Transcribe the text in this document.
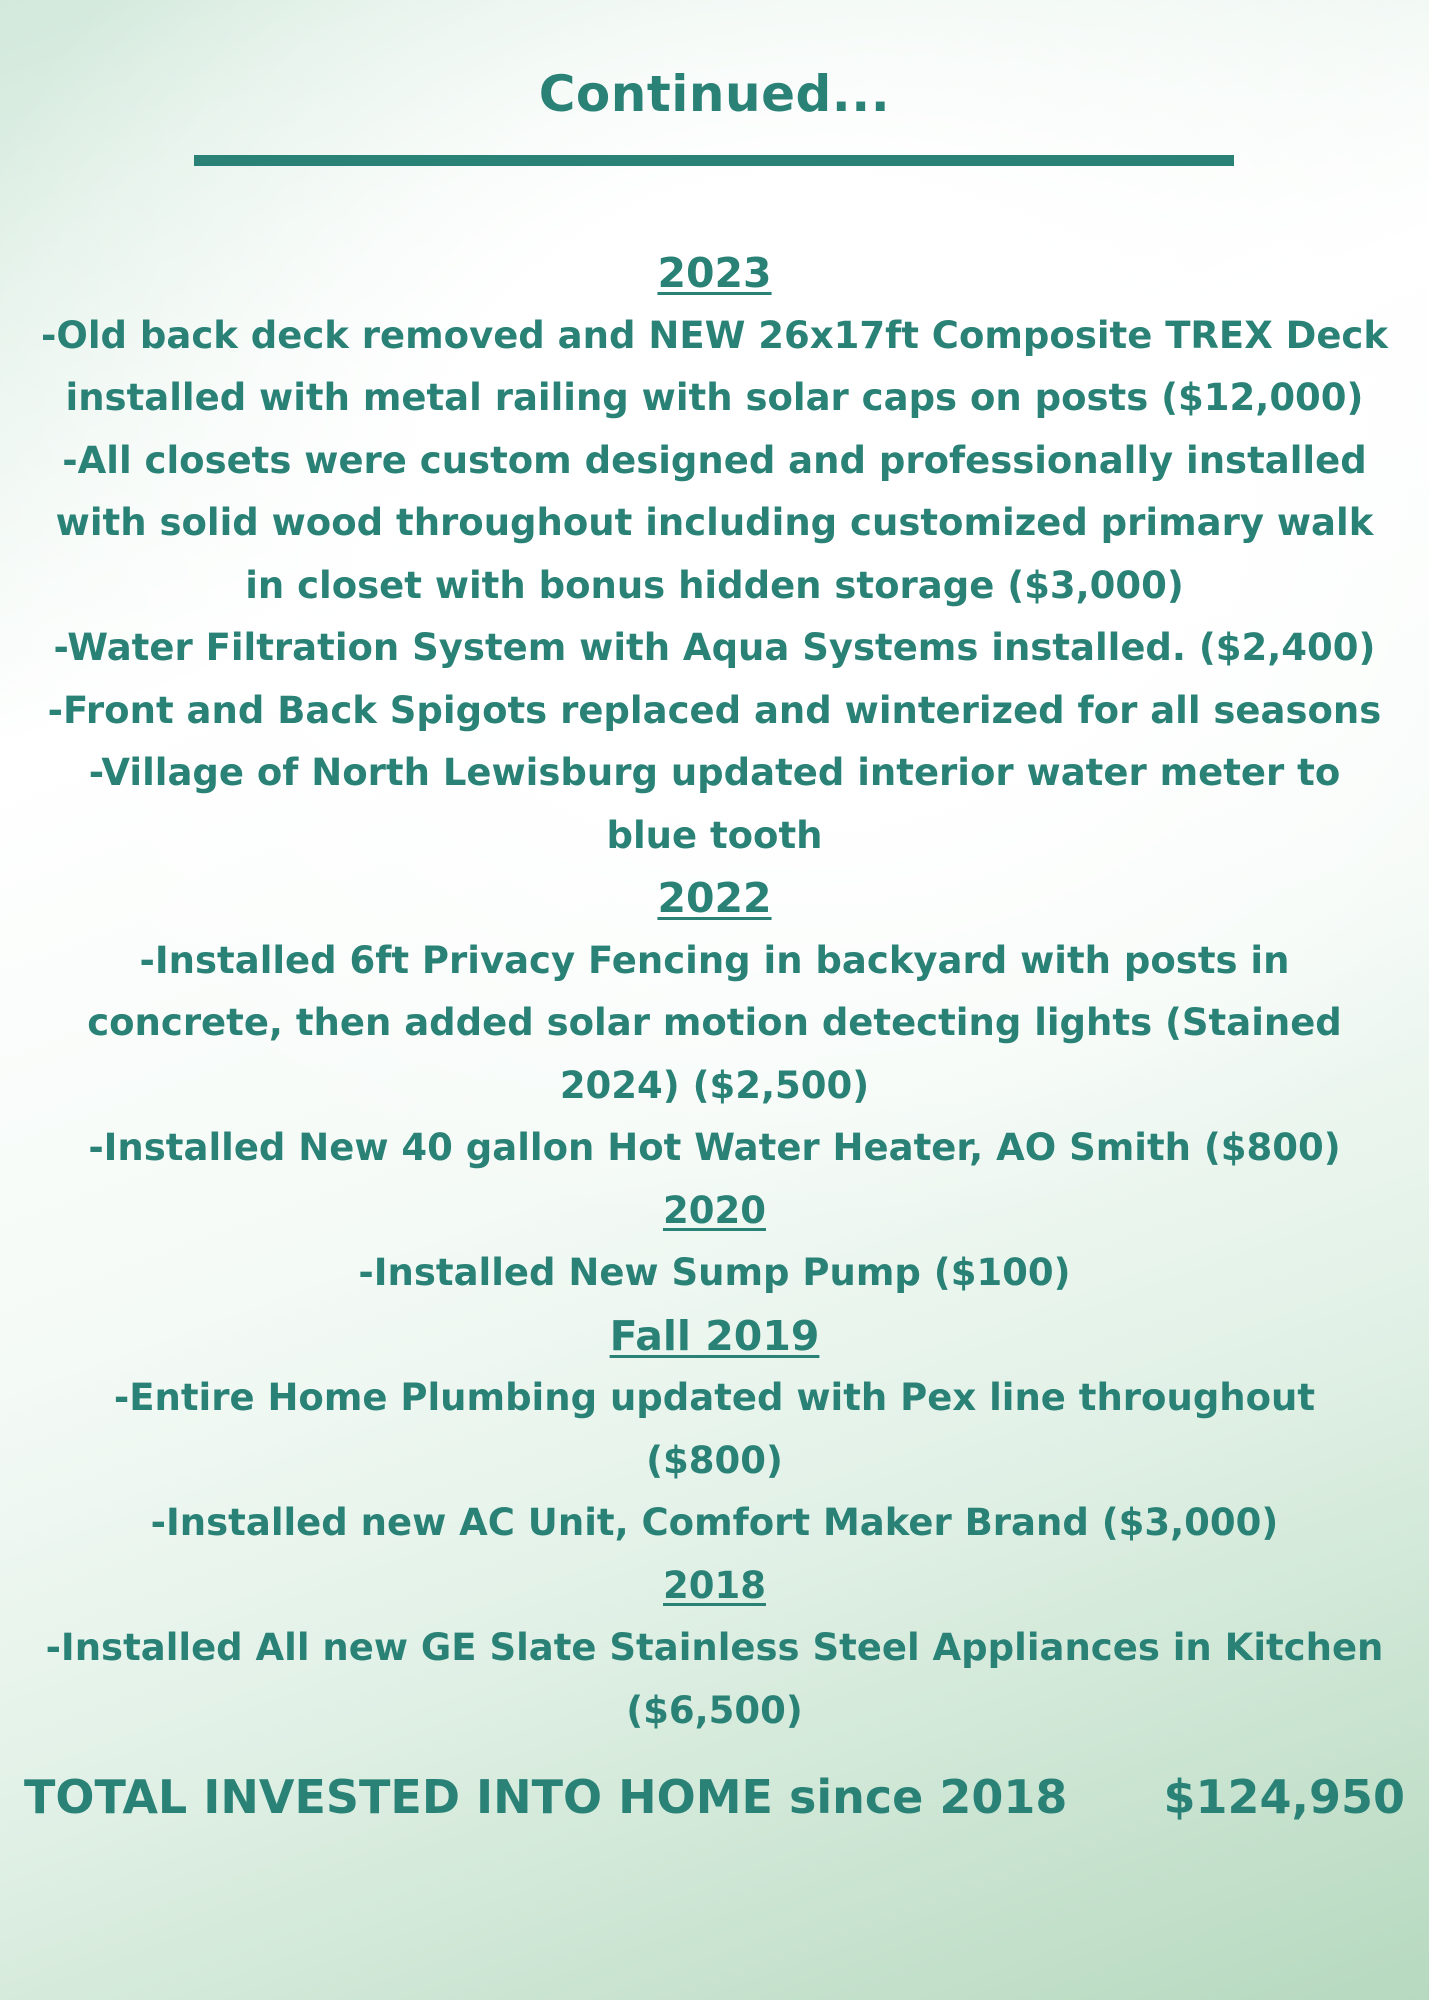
Continued...
2023
-Old back deck removed and NEW 26x17ft Composite TREX Deck installed with metal railing with solar caps on posts ($12,000)
-All closets were custom designed and professionally installed with solid wood throughout including customized primary walk in closet with bonus hidden storage ($3,000)
-Water Filtration System with Aqua Systems installed. ($2,400)
-Front and Back Spigots replaced and winterized for all seasons
-Village of North Lewisburg updated interior water meter to blue tooth
2022
-Installed 6ft Privacy Fencing in backyard with posts in concrete, then added solar motion detecting lights (Stained 2024) ($2,500)
-Installed New 40 gallon Hot Water Heater, AO Smith ($800)
2020
-Installed New Sump Pump ($100)
Fall 2019
-Entire Home Plumbing updated with Pex line throughout ($800)
-Installed new AC Unit, Comfort Maker Brand ($3,000)
2018
-Installed All new GE Slate Stainless Steel Appliances in Kitchen ($6,500)
TOTAL INVESTED INTO HOME since 2018 $124,950
